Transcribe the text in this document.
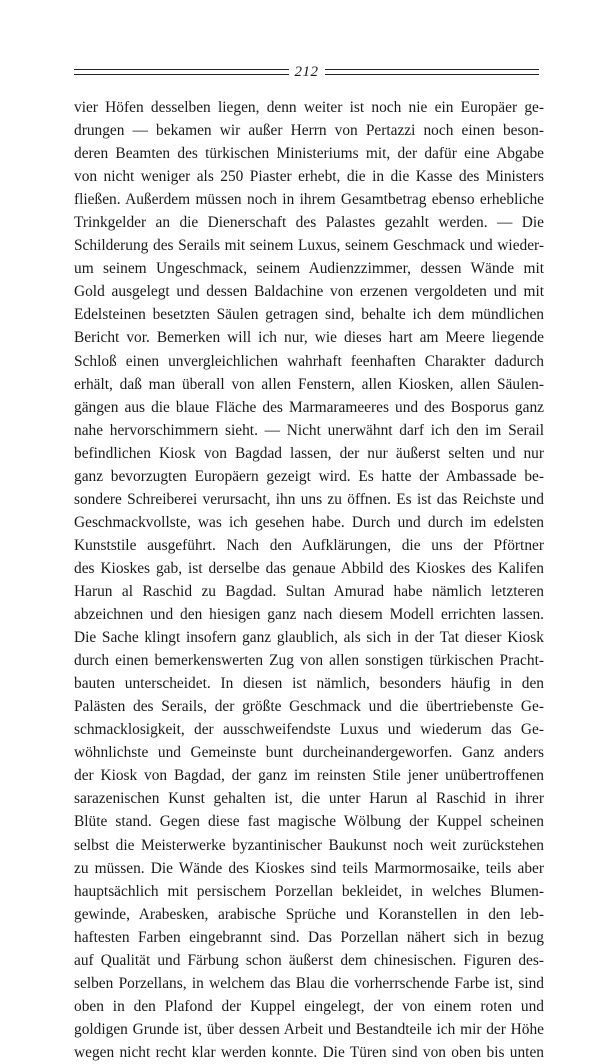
212
vier Höfen desselben liegen, denn weiter ist noch nie ein Europäer ge-
drungen — bekamen wir außer Herrn von Pertazzi noch einen beson-
deren Beamten des türkischen Ministeriums mit, der dafür eine Abgabe
von nicht weniger als 250 Piaster erhebt, die in die Kasse des Ministers
fließen. Außerdem müssen noch in ihrem Gesamtbetrag ebenso erhebliche
Trinkgelder an die Dienerschaft des Palastes gezahlt werden. — Die
Schilderung des Serails mit seinem Luxus, seinem Geschmack und wieder-
um seinem Ungeschmack, seinem Audienzzimmer, dessen Wände mit
Gold ausgelegt und dessen Baldachine von erzenen vergoldeten und mit
Edelsteinen besetzten Säulen getragen sind, behalte ich dem mündlichen
Bericht vor. Bemerken will ich nur, wie dieses hart am Meere liegende
Schloß einen unvergleichlichen wahrhaft feenhaften Charakter dadurch
erhält, daß man überall von allen Fenstern, allen Kiosken, allen Säulen-
gängen aus die blaue Fläche des Marmarameeres und des Bosporus ganz
nahe hervorschimmern sieht. — Nicht unerwähnt darf ich den im Serail
befindlichen Kiosk von Bagdad lassen, der nur äußerst selten und nur
ganz bevorzugten Europäern gezeigt wird. Es hatte der Ambassade be-
sondere Schreiberei verursacht, ihn uns zu öffnen. Es ist das Reichste und
Geschmackvollste, was ich gesehen habe. Durch und durch im edelsten
Kunststile ausgeführt. Nach den Aufklärungen, die uns der Pförtner
des Kioskes gab, ist derselbe das genaue Abbild des Kioskes des Kalifen
Harun al Raschid zu Bagdad. Sultan Amurad habe nämlich letzteren
abzeichnen und den hiesigen ganz nach diesem Modell errichten lassen.
Die Sache klingt insofern ganz glaublich, als sich in der Tat dieser Kiosk
durch einen bemerkenswerten Zug von allen sonstigen türkischen Pracht-
bauten unterscheidet. In diesen ist nämlich, besonders häufig in den
Palästen des Serails, der größte Geschmack und die übertriebenste Ge-
schmacklosigkeit, der ausschweifendste Luxus und wiederum das Ge-
wöhnlichste und Gemeinste bunt durcheinandergeworfen. Ganz anders
der Kiosk von Bagdad, der ganz im reinsten Stile jener unübertroffenen
sarazenischen Kunst gehalten ist, die unter Harun al Raschid in ihrer
Blüte stand. Gegen diese fast magische Wölbung der Kuppel scheinen
selbst die Meisterwerke byzantinischer Baukunst noch weit zurückstehen
zu müssen. Die Wände des Kioskes sind teils Marmormosaike, teils aber
hauptsächlich mit persischem Porzellan bekleidet, in welches Blumen-
gewinde, Arabesken, arabische Sprüche und Koranstellen in den leb-
haftesten Farben eingebrannt sind. Das Porzellan nähert sich in bezug
auf Qualität und Färbung schon äußerst dem chinesischen. Figuren des-
selben Porzellans, in welchem das Blau die vorherrschende Farbe ist, sind
oben in den Plafond der Kuppel eingelegt, der von einem roten und
goldigen Grunde ist, über dessen Arbeit und Bestandteile ich mir der Höhe
wegen nicht recht klar werden konnte. Die Türen sind von oben bis unten
